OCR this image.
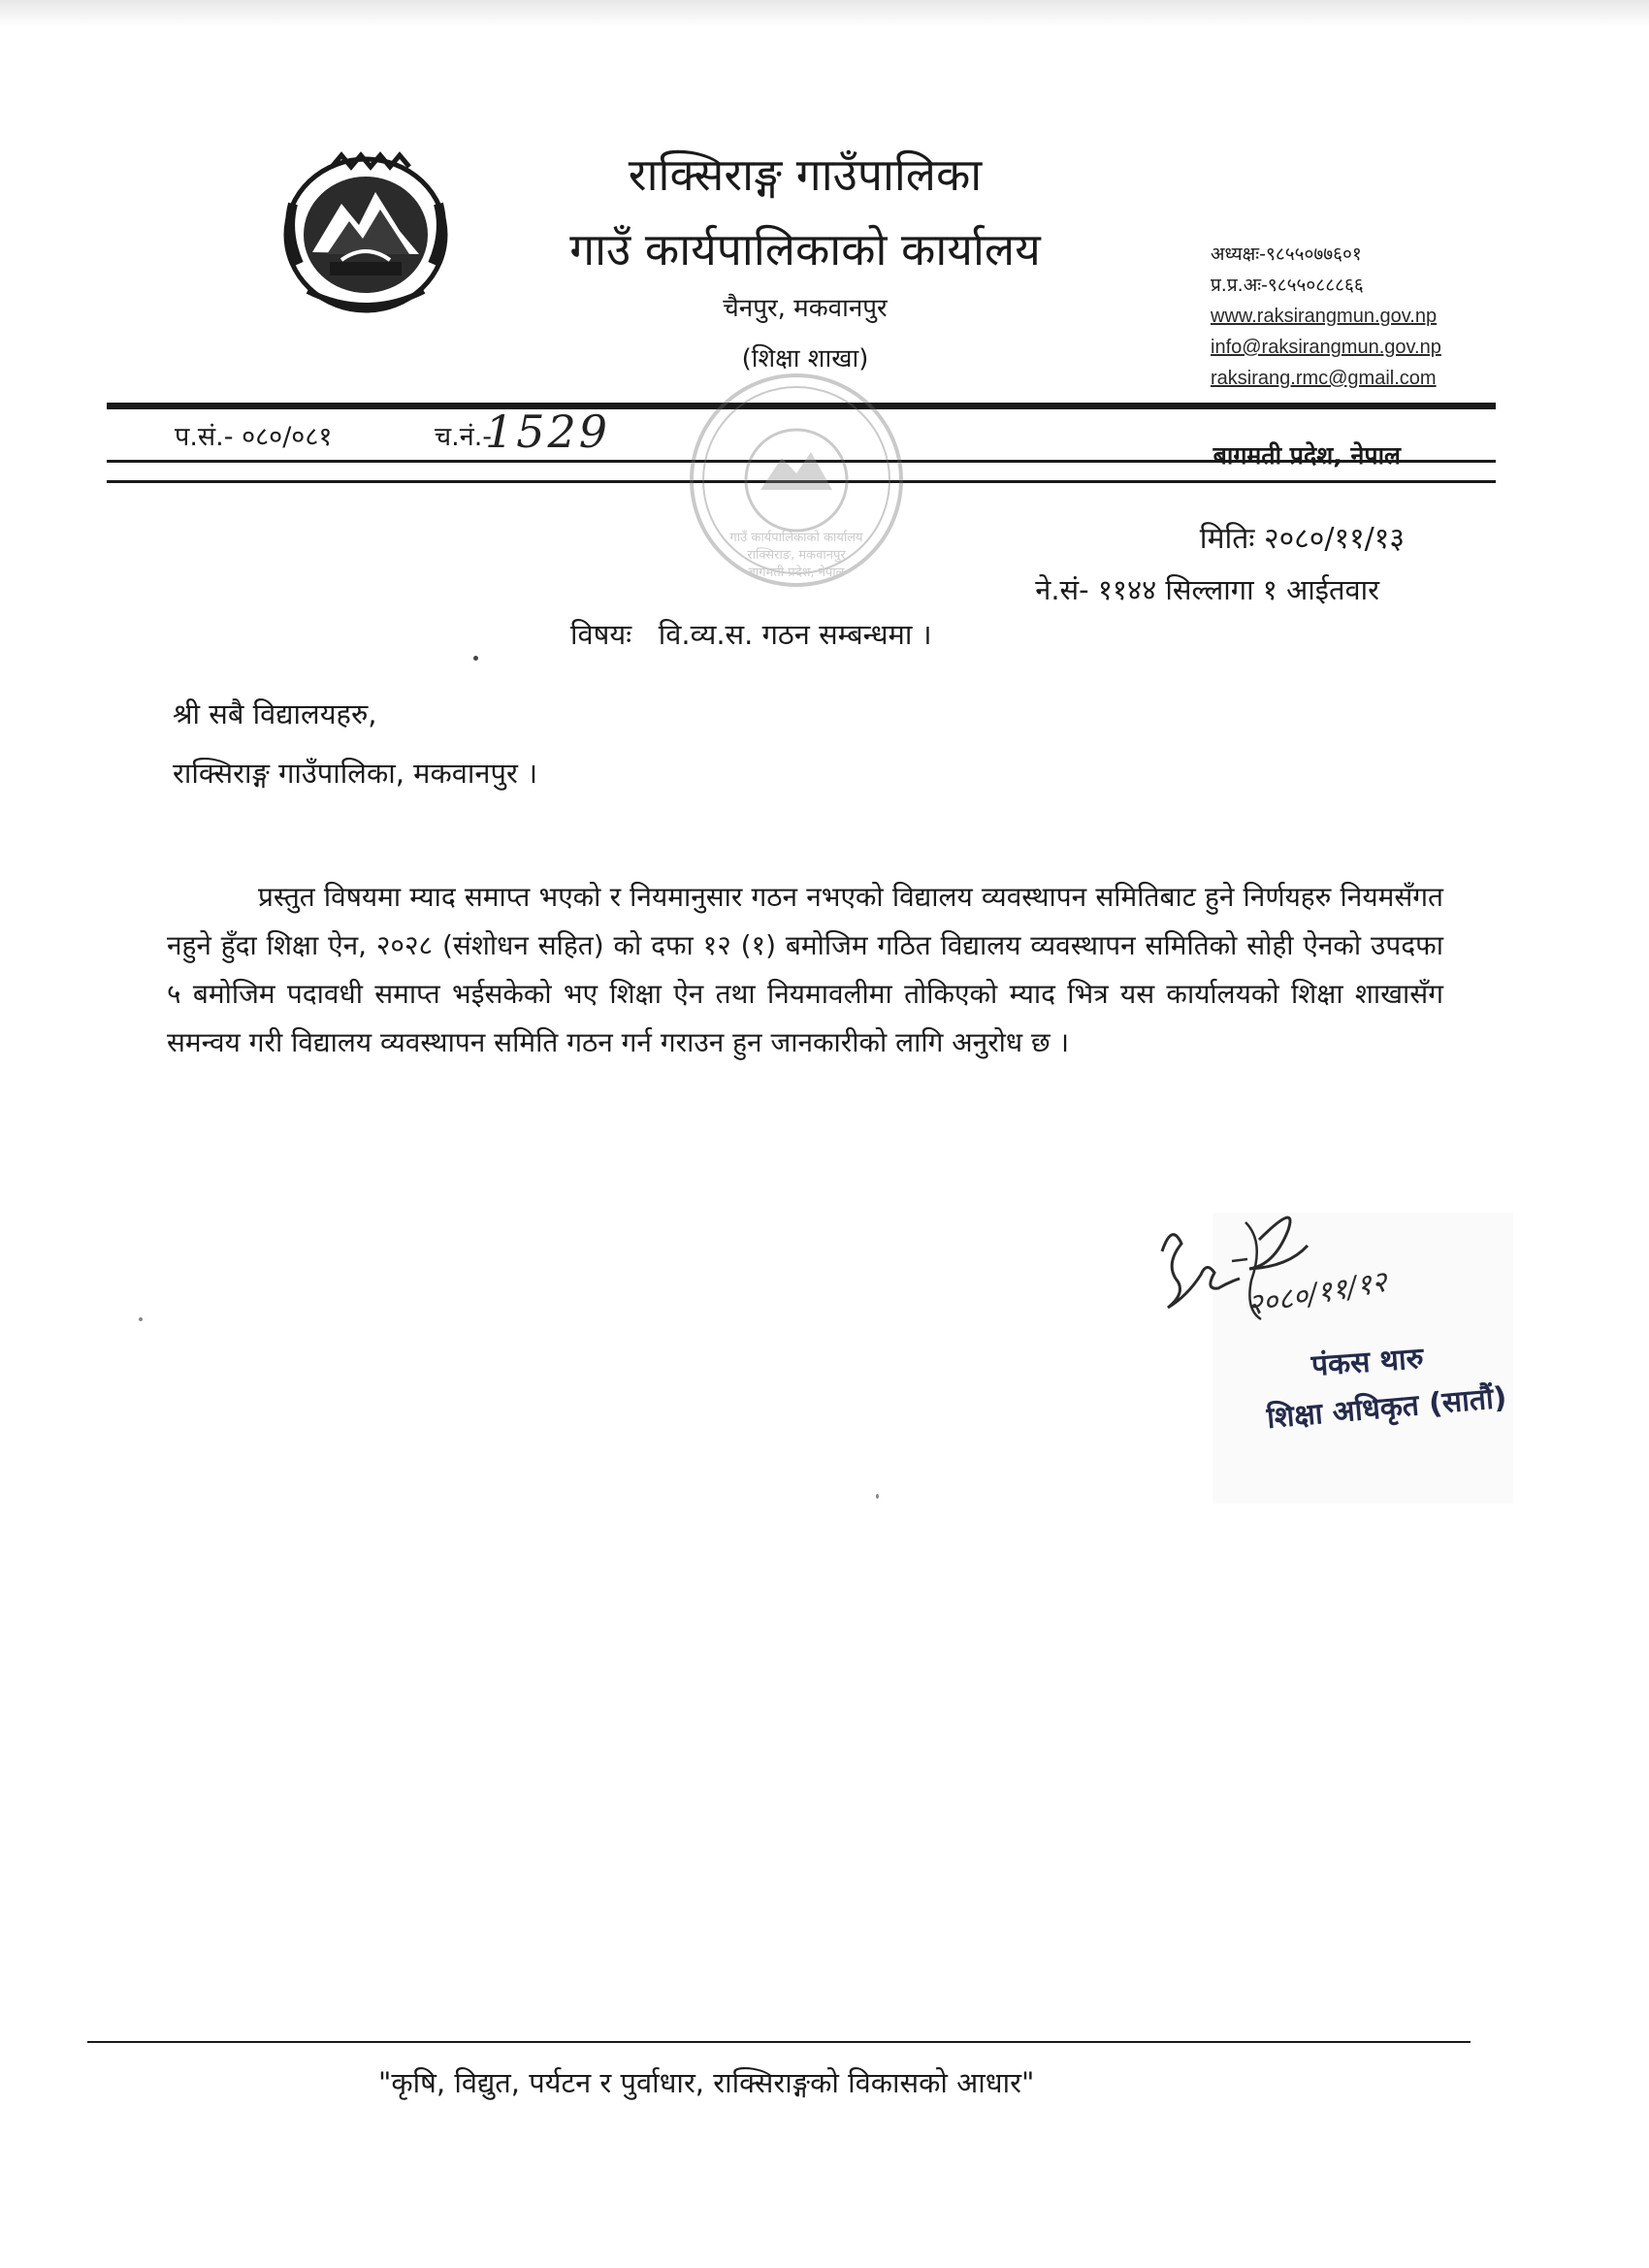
राक्सिराङ्ग गाउँपालिका
गाउँ कार्यपालिकाको कार्यालय
चैनपुर, मकवानपुर
(शिक्षा शाखा)
अध्यक्षः-९८५५०७७६०१
प्र.प्र.अः-९८५५०८८८६६
www.raksirangmun.gov.np
info@raksirangmun.gov.np
raksirang.rmc@gmail.com
प.सं.- ०८०/०८१	च.नं.-
1529	बागमती प्रदेश, नेपाल
गाउँ कार्यपालिकाको कार्यालय
राक्सिराङ, मकवानपुर
बागमती प्रदेश, नेपाल
मितिः २०८०/११/१३
ने.सं- ११४४ सिल्लागा १ आईतवार
विषयः   वि.व्य.स. गठन सम्बन्धमा ।
श्री सबै विद्यालयहरु,
राक्सिराङ्ग गाउँपालिका, मकवानपुर ।
प्रस्तुत विषयमा म्याद समाप्त भएको र नियमानुसार गठन नभएको विद्यालय व्यवस्थापन समितिबाट हुने निर्णयहरु नियमसँगत नहुने हुँदा शिक्षा ऐन, २०२८ (संशोधन सहित) को दफा १२ (१) बमोजिम गठित विद्यालय व्यवस्थापन समितिको सोही ऐनको उपदफा ५ बमोजिम पदावधी समाप्त भईसकेको भए शिक्षा ऐन तथा नियमावलीमा तोकिएको म्याद भित्र यस कार्यालयको शिक्षा शाखासँग समन्वय गरी विद्यालय व्यवस्थापन समिति गठन गर्न गराउन हुन जानकारीको लागि अनुरोध छ ।
२०८०/११/१२
पंकस थारु
शिक्षा अधिकृत (सातौं)
"कृषि, विद्युत, पर्यटन र पुर्वाधार, राक्सिराङ्गको विकासको आधार"
